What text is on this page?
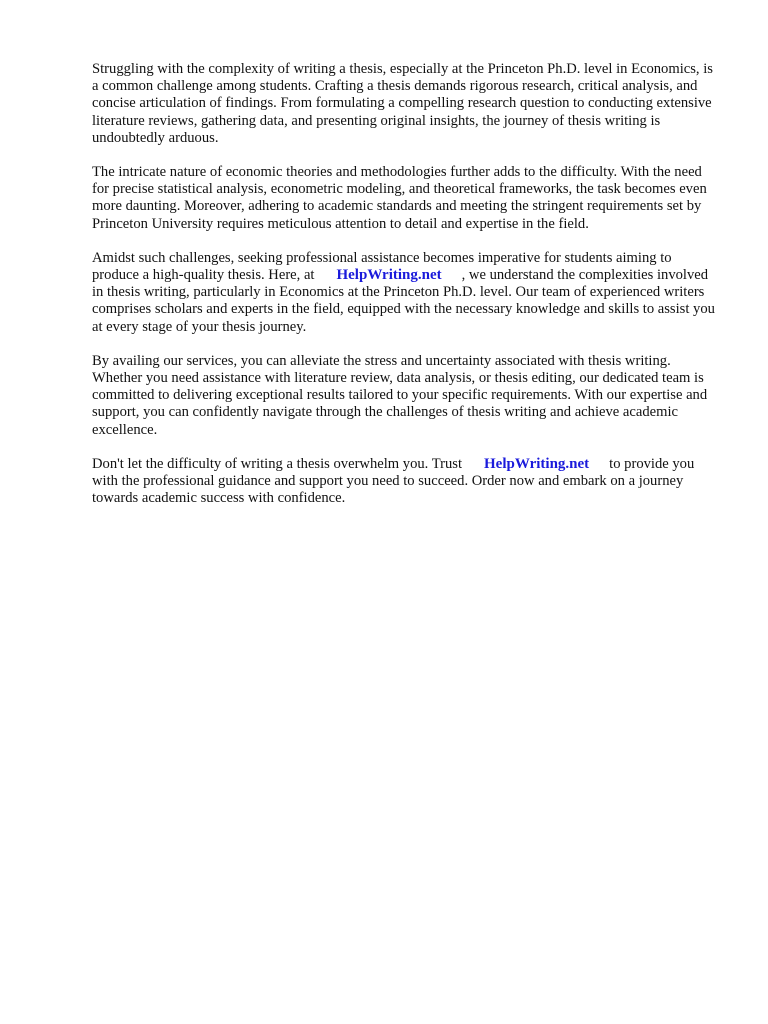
Struggling with the complexity of writing a thesis, especially at the Princeton Ph.D. level in Economics, is a common challenge among students. Crafting a thesis demands rigorous research, critical analysis, and concise articulation of findings. From formulating a compelling research question to conducting extensive literature reviews, gathering data, and presenting original insights, the journey of thesis writing is undoubtedly arduous.

The intricate nature of economic theories and methodologies further adds to the difficulty. With the need for precise statistical analysis, econometric modeling, and theoretical frameworks, the task becomes even more daunting. Moreover, adhering to academic standards and meeting the stringent requirements set by Princeton University requires meticulous attention to detail and expertise in the field.

Amidst such challenges, seeking professional assistance becomes imperative for students aiming to produce a high-quality thesis. Here, at HelpWriting.net , we understand the complexities involved in thesis writing, particularly in Economics at the Princeton Ph.D. level. Our team of experienced writers comprises scholars and experts in the field, equipped with the necessary knowledge and skills to assist you at every stage of your thesis journey.

By availing our services, you can alleviate the stress and uncertainty associated with thesis writing. Whether you need assistance with literature review, data analysis, or thesis editing, our dedicated team is committed to delivering exceptional results tailored to your specific requirements. With our expertise and support, you can confidently navigate through the challenges of thesis writing and achieve academic excellence.

Don't let the difficulty of writing a thesis overwhelm you. Trust HelpWriting.net to provide you with the professional guidance and support you need to succeed. Order now and embark on a journey towards academic success with confidence.
